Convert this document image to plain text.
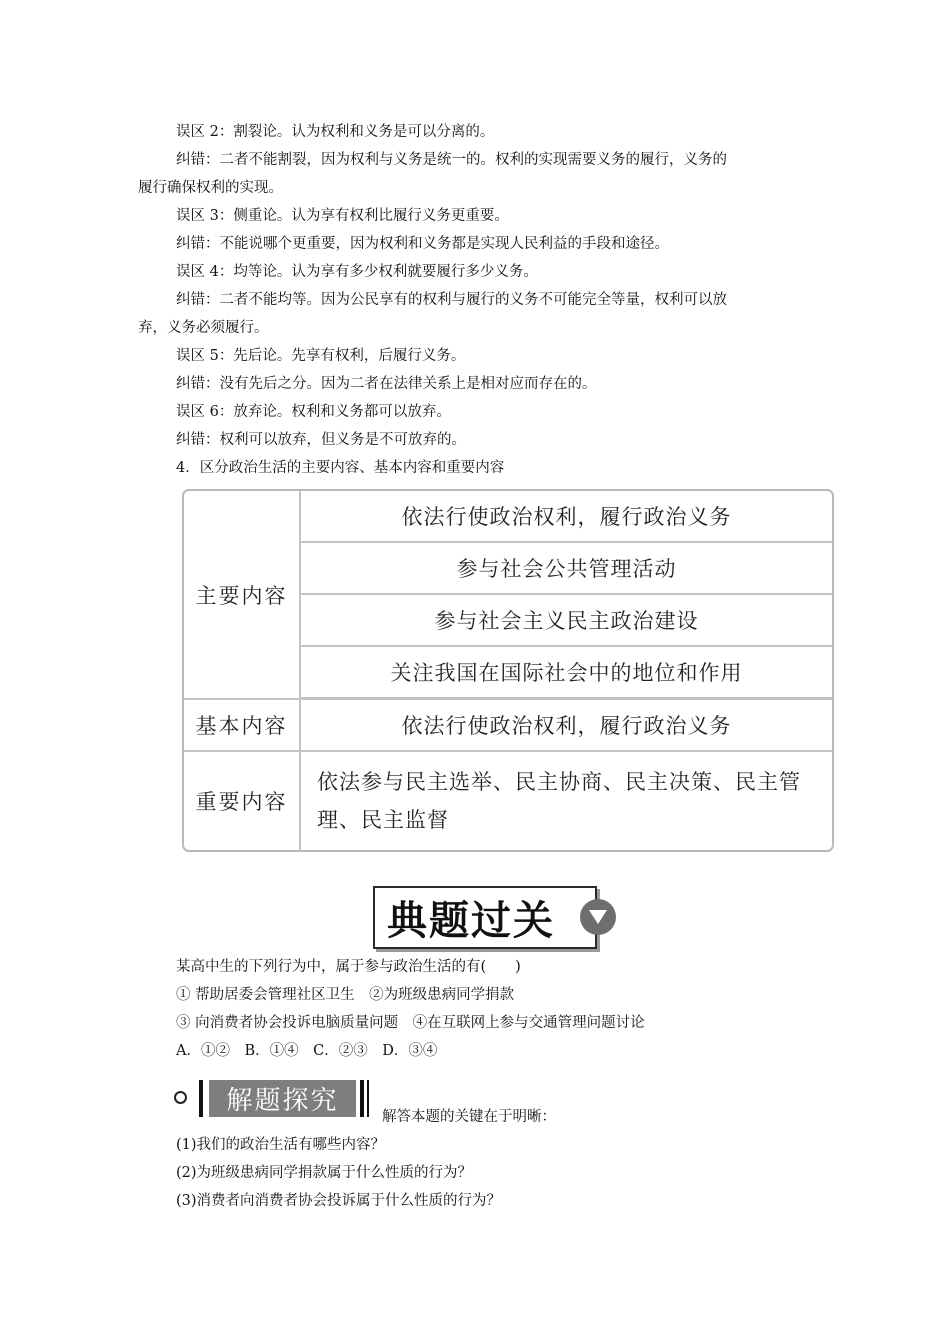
误区 2：割裂论。认为权利和义务是可以分离的。
纠错：二者不能割裂，因为权利与义务是统一的。权利的实现需要义务的履行，义务的
履行确保权利的实现。
误区 3：侧重论。认为享有权利比履行义务更重要。
纠错：不能说哪个更重要，因为权利和义务都是实现人民利益的手段和途径。
误区 4：均等论。认为享有多少权利就要履行多少义务。
纠错：二者不能均等。因为公民享有的权利与履行的义务不可能完全等量，权利可以放
弃，义务必须履行。
误区 5：先后论。先享有权利，后履行义务。
纠错：没有先后之分。因为二者在法律关系上是相对应而存在的。
误区 6：放弃论。权利和义务都可以放弃。
纠错：权利可以放弃，但义务是不可放弃的。
4．区分政治生活的主要内容、基本内容和重要内容
主要内容
依法行使政治权利，履行政治义务
参与社会公共管理活动
参与社会主义民主政治建设
关注我国在国际社会中的地位和作用
基本内容	依法行使政治权利，履行政治义务
重要内容
依法参与民主选举、民主协商、民主决策、民主管理、民主监督
典题过关
某高中生的下列行为中，属于参与政治生活的有(　　)
① 帮助居委会管理社区卫生　②为班级患病同学捐款
③ 向消费者协会投诉电脑质量问题　④在互联网上参与交通管理问题讨论
A．①②　B．①④　C．②③　D．③④
解题探究
解答本题的关键在于明晰：
(1)我们的政治生活有哪些内容？
(2)为班级患病同学捐款属于什么性质的行为？
(3)消费者向消费者协会投诉属于什么性质的行为？
